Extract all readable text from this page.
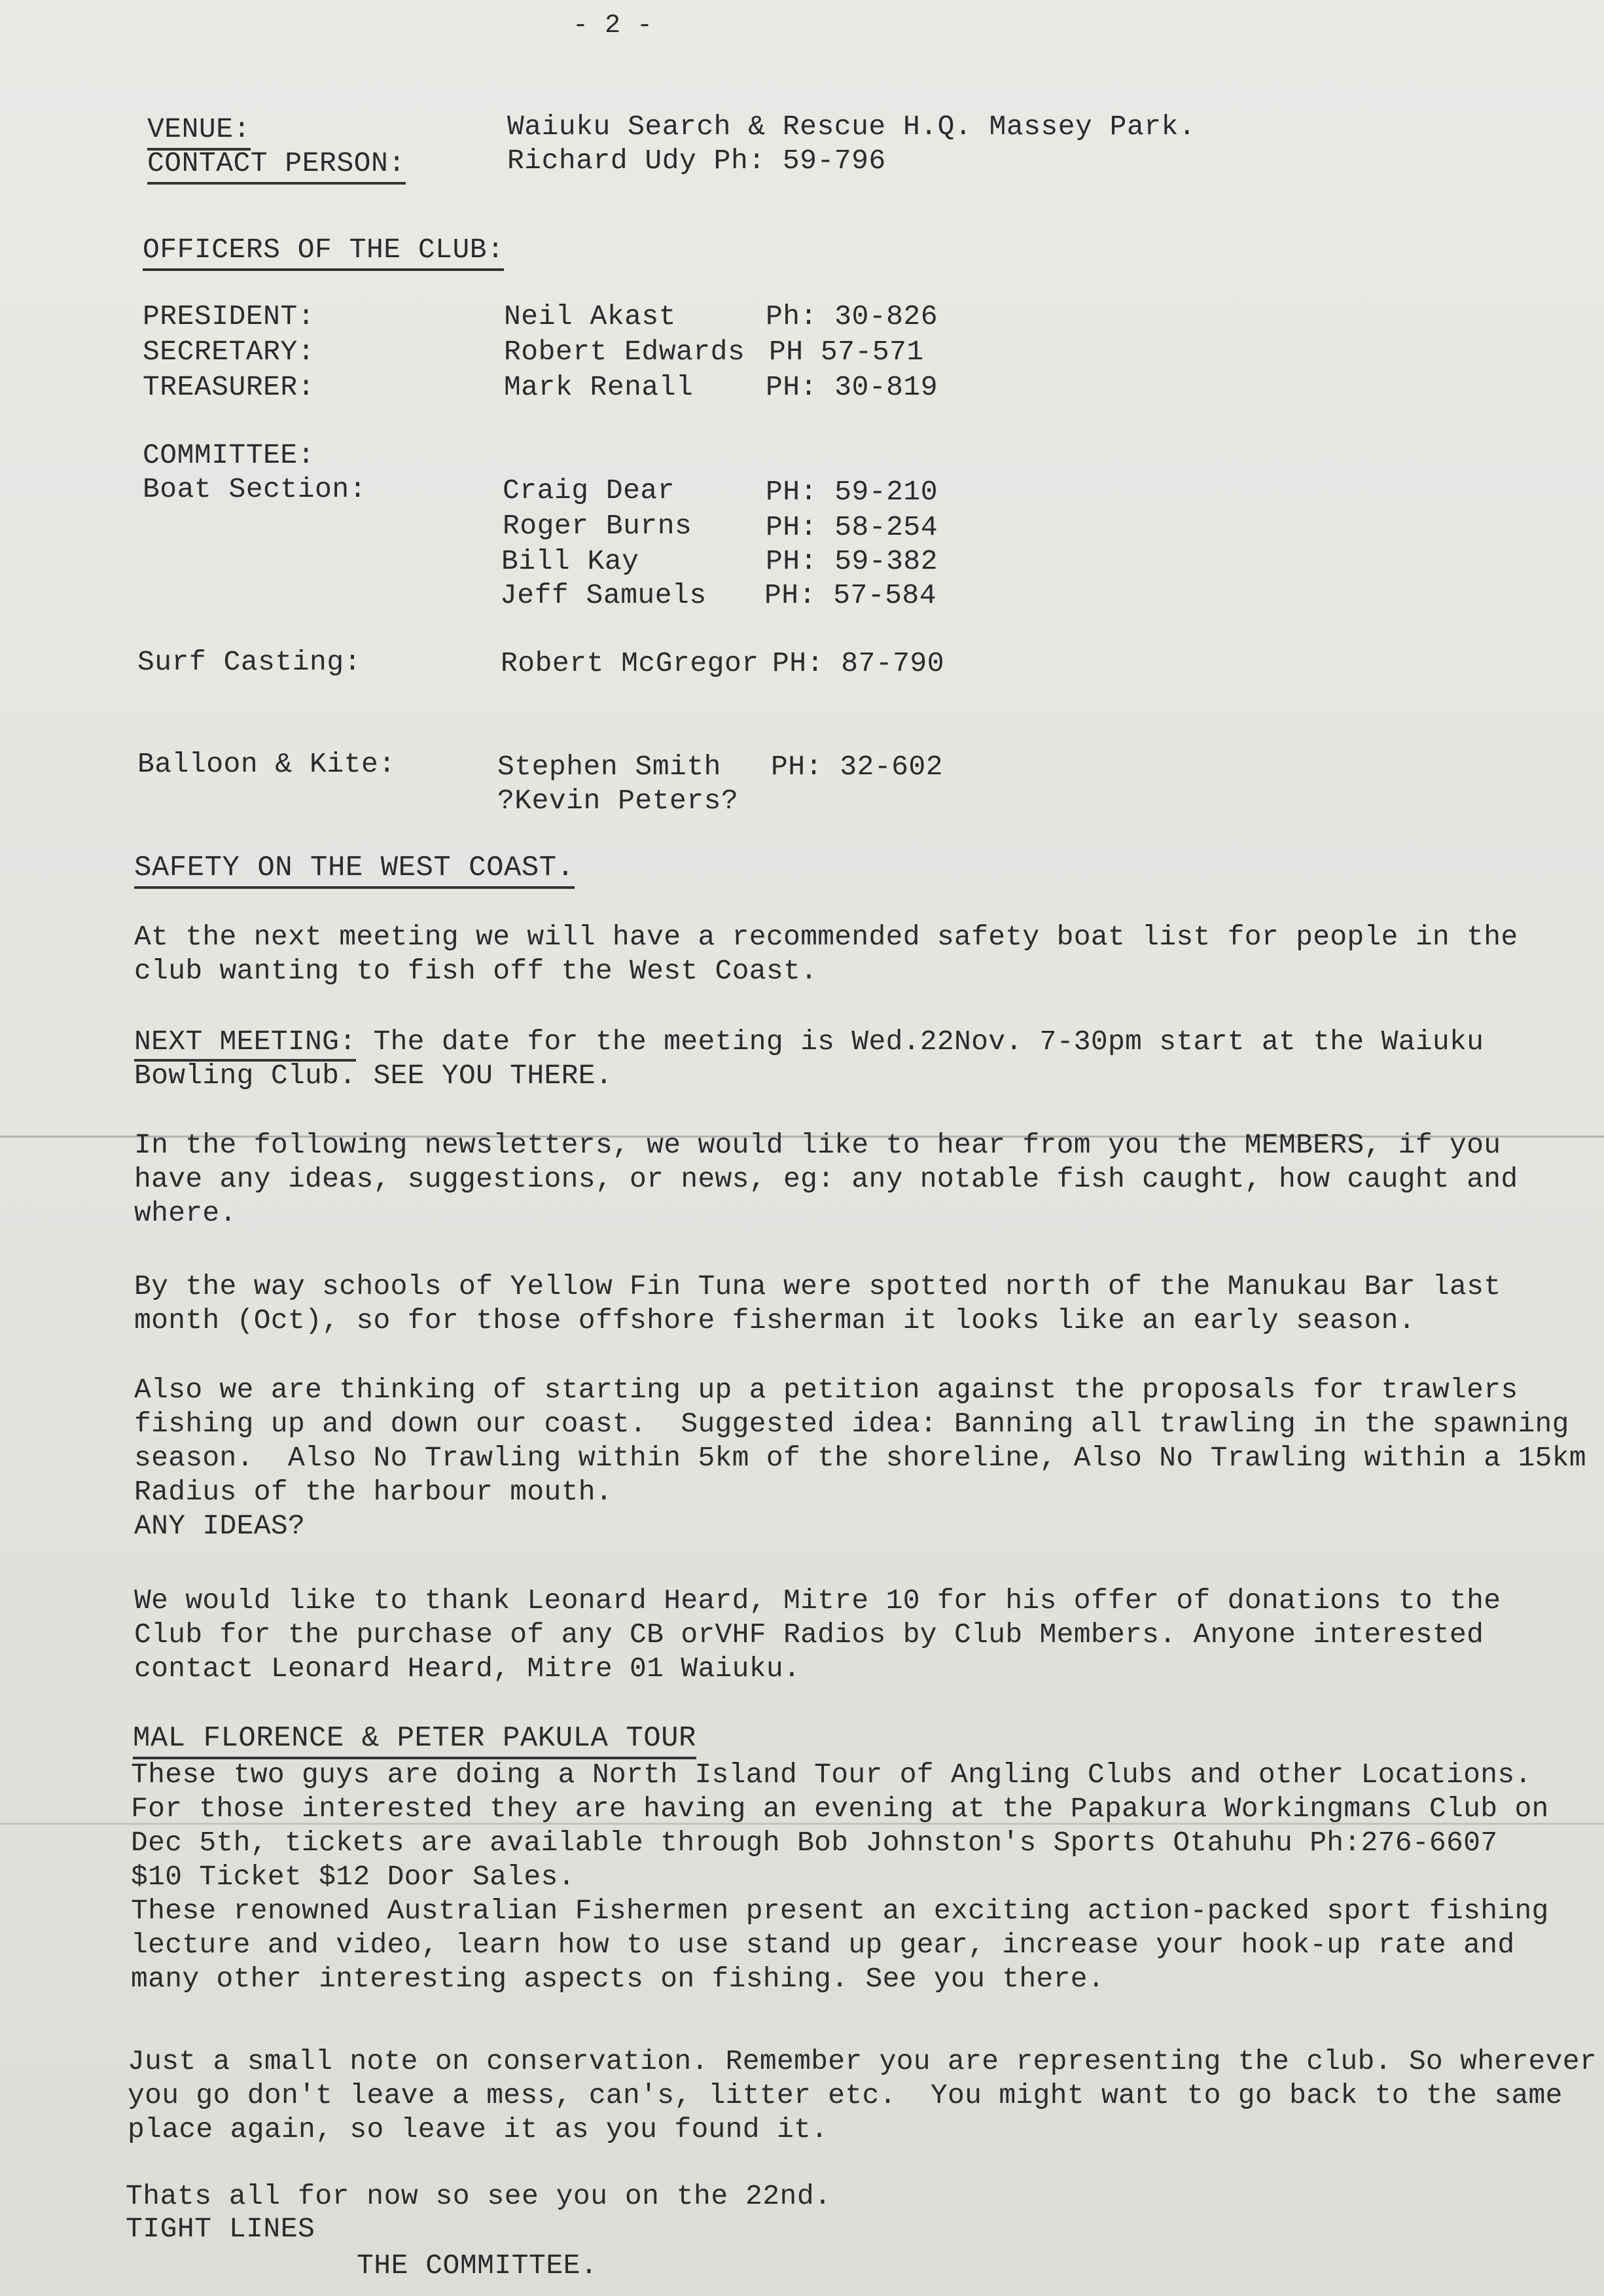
- 2 -
VENUE:	Waiuku Search & Rescue H.Q. Massey Park.
CONTACT PERSON:	Richard Udy Ph: 59-796
OFFICERS OF THE CLUB:
PRESIDENT:	Neil Akast	Ph: 30-826
SECRETARY:	Robert Edwards PH 57-571
TREASURER:	Mark Renall	PH: 30-819
COMMITTEE:
Boat Section:	Craig Dear	PH: 59-210
Roger Burns	PH: 58-254
Bill Kay	PH: 59-382
Jeff Samuels PH: 57-584
Surf Casting:	Robert McGregor PH: 87-790
Balloon & Kite:	Stephen Smith PH: 32-602
?Kevin Peters?
SAFETY ON THE WEST COAST.
At the next meeting we will have a recommended safety boat list for people in the
club wanting to fish off the West Coast.
NEXT MEETING: The date for the meeting is Wed.22Nov. 7-30pm start at the Waiuku
Bowling Club. SEE YOU THERE.
In the following newsletters, we would like to hear from you the MEMBERS, if you
have any ideas, suggestions, or news, eg: any notable fish caught, how caught and
where.
By the way schools of Yellow Fin Tuna were spotted north of the Manukau Bar last
month (Oct), so for those offshore fisherman it looks like an early season.
Also we are thinking of starting up a petition against the proposals for trawlers
fishing up and down our coast.  Suggested idea: Banning all trawling in the spawning
season.  Also No Trawling within 5km of the shoreline, Also No Trawling within a 15km
Radius of the harbour mouth.
ANY IDEAS?
We would like to thank Leonard Heard, Mitre 10 for his offer of donations to the
Club for the purchase of any CB orVHF Radios by Club Members. Anyone interested
contact Leonard Heard, Mitre 01 Waiuku.
MAL FLORENCE & PETER PAKULA TOUR
These two guys are doing a North Island Tour of Angling Clubs and other Locations.
For those interested they are having an evening at the Papakura Workingmans Club on
Dec 5th, tickets are available through Bob Johnston's Sports Otahuhu Ph:276-6607
$10 Ticket $12 Door Sales.
These renowned Australian Fishermen present an exciting action-packed sport fishing
lecture and video, learn how to use stand up gear, increase your hook-up rate and
many other interesting aspects on fishing. See you there.
Just a small note on conservation. Remember you are representing the club. So wherever
you go don't leave a mess, can's, litter etc.  You might want to go back to the same
place again, so leave it as you found it.
Thats all for now so see you on the 22nd.
TIGHT LINES
THE COMMITTEE.
